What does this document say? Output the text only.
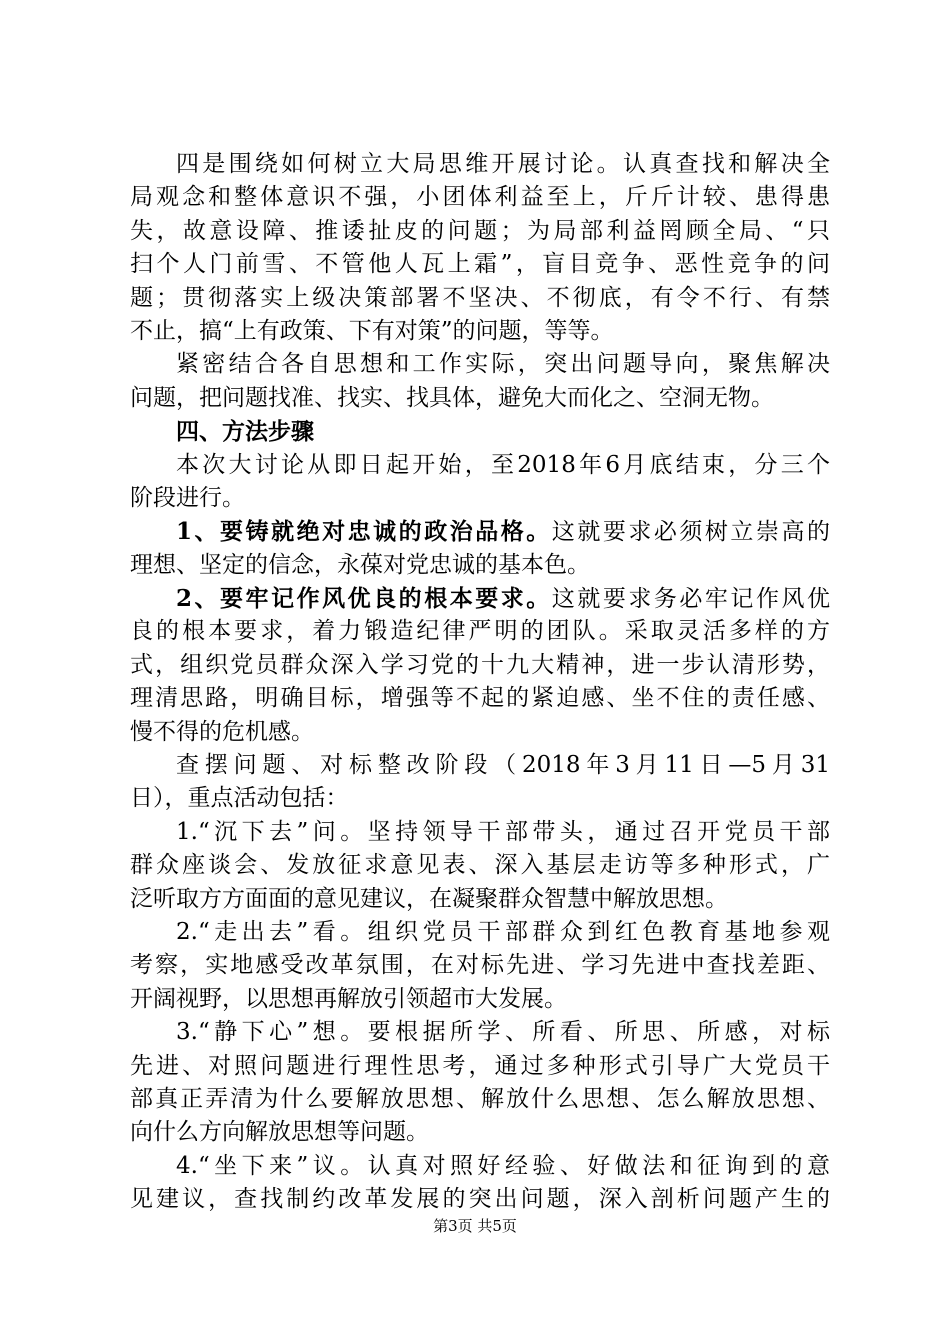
四是围绕如何树立大局思维开展讨论。认真查找和解决全
局观念和整体意识不强，小团体利益至上，斤斤计较、患得患
失，故意设障、推诿扯皮的问题；为局部利益罔顾全局、“只
扫个人门前雪、不管他人瓦上霜”，盲目竞争、恶性竞争的问
题；贯彻落实上级决策部署不坚决、不彻底，有令不行、有禁
不止，搞“上有政策、下有对策”的问题，等等。
紧密结合各自思想和工作实际，突出问题导向，聚焦解决
问题，把问题找准、找实、找具体，避免大而化之、空洞无物。
四、方法步骤
本次大讨论从即日起开始，至2018年6月底结束，分三个
阶段进行。
1、要铸就绝对忠诚的政治品格。这就要求必须树立崇高的
理想、坚定的信念，永葆对党忠诚的基本色。
2、要牢记作风优良的根本要求。这就要求务必牢记作风优
良的根本要求，着力锻造纪律严明的团队。采取灵活多样的方
式，组织党员群众深入学习党的十九大精神，进一步认清形势，
理清思路，明确目标，增强等不起的紧迫感、坐不住的责任感、
慢不得的危机感。
查摆问题、对标整改阶段（2018年3月11日—5月31
日），重点活动包括：
1.“沉下去”问。坚持领导干部带头，通过召开党员干部
群众座谈会、发放征求意见表、深入基层走访等多种形式，广
泛听取方方面面的意见建议，在凝聚群众智慧中解放思想。
2.“走出去”看。组织党员干部群众到红色教育基地参观
考察，实地感受改革氛围，在对标先进、学习先进中查找差距、
开阔视野，以思想再解放引领超市大发展。
3.“静下心”想。要根据所学、所看、所思、所感，对标
先进、对照问题进行理性思考，通过多种形式引导广大党员干
部真正弄清为什么要解放思想、解放什么思想、怎么解放思想、
向什么方向解放思想等问题。
4.“坐下来”议。认真对照好经验、好做法和征询到的意
见建议，查找制约改革发展的突出问题，深入剖析问题产生的
第3页 共5页
